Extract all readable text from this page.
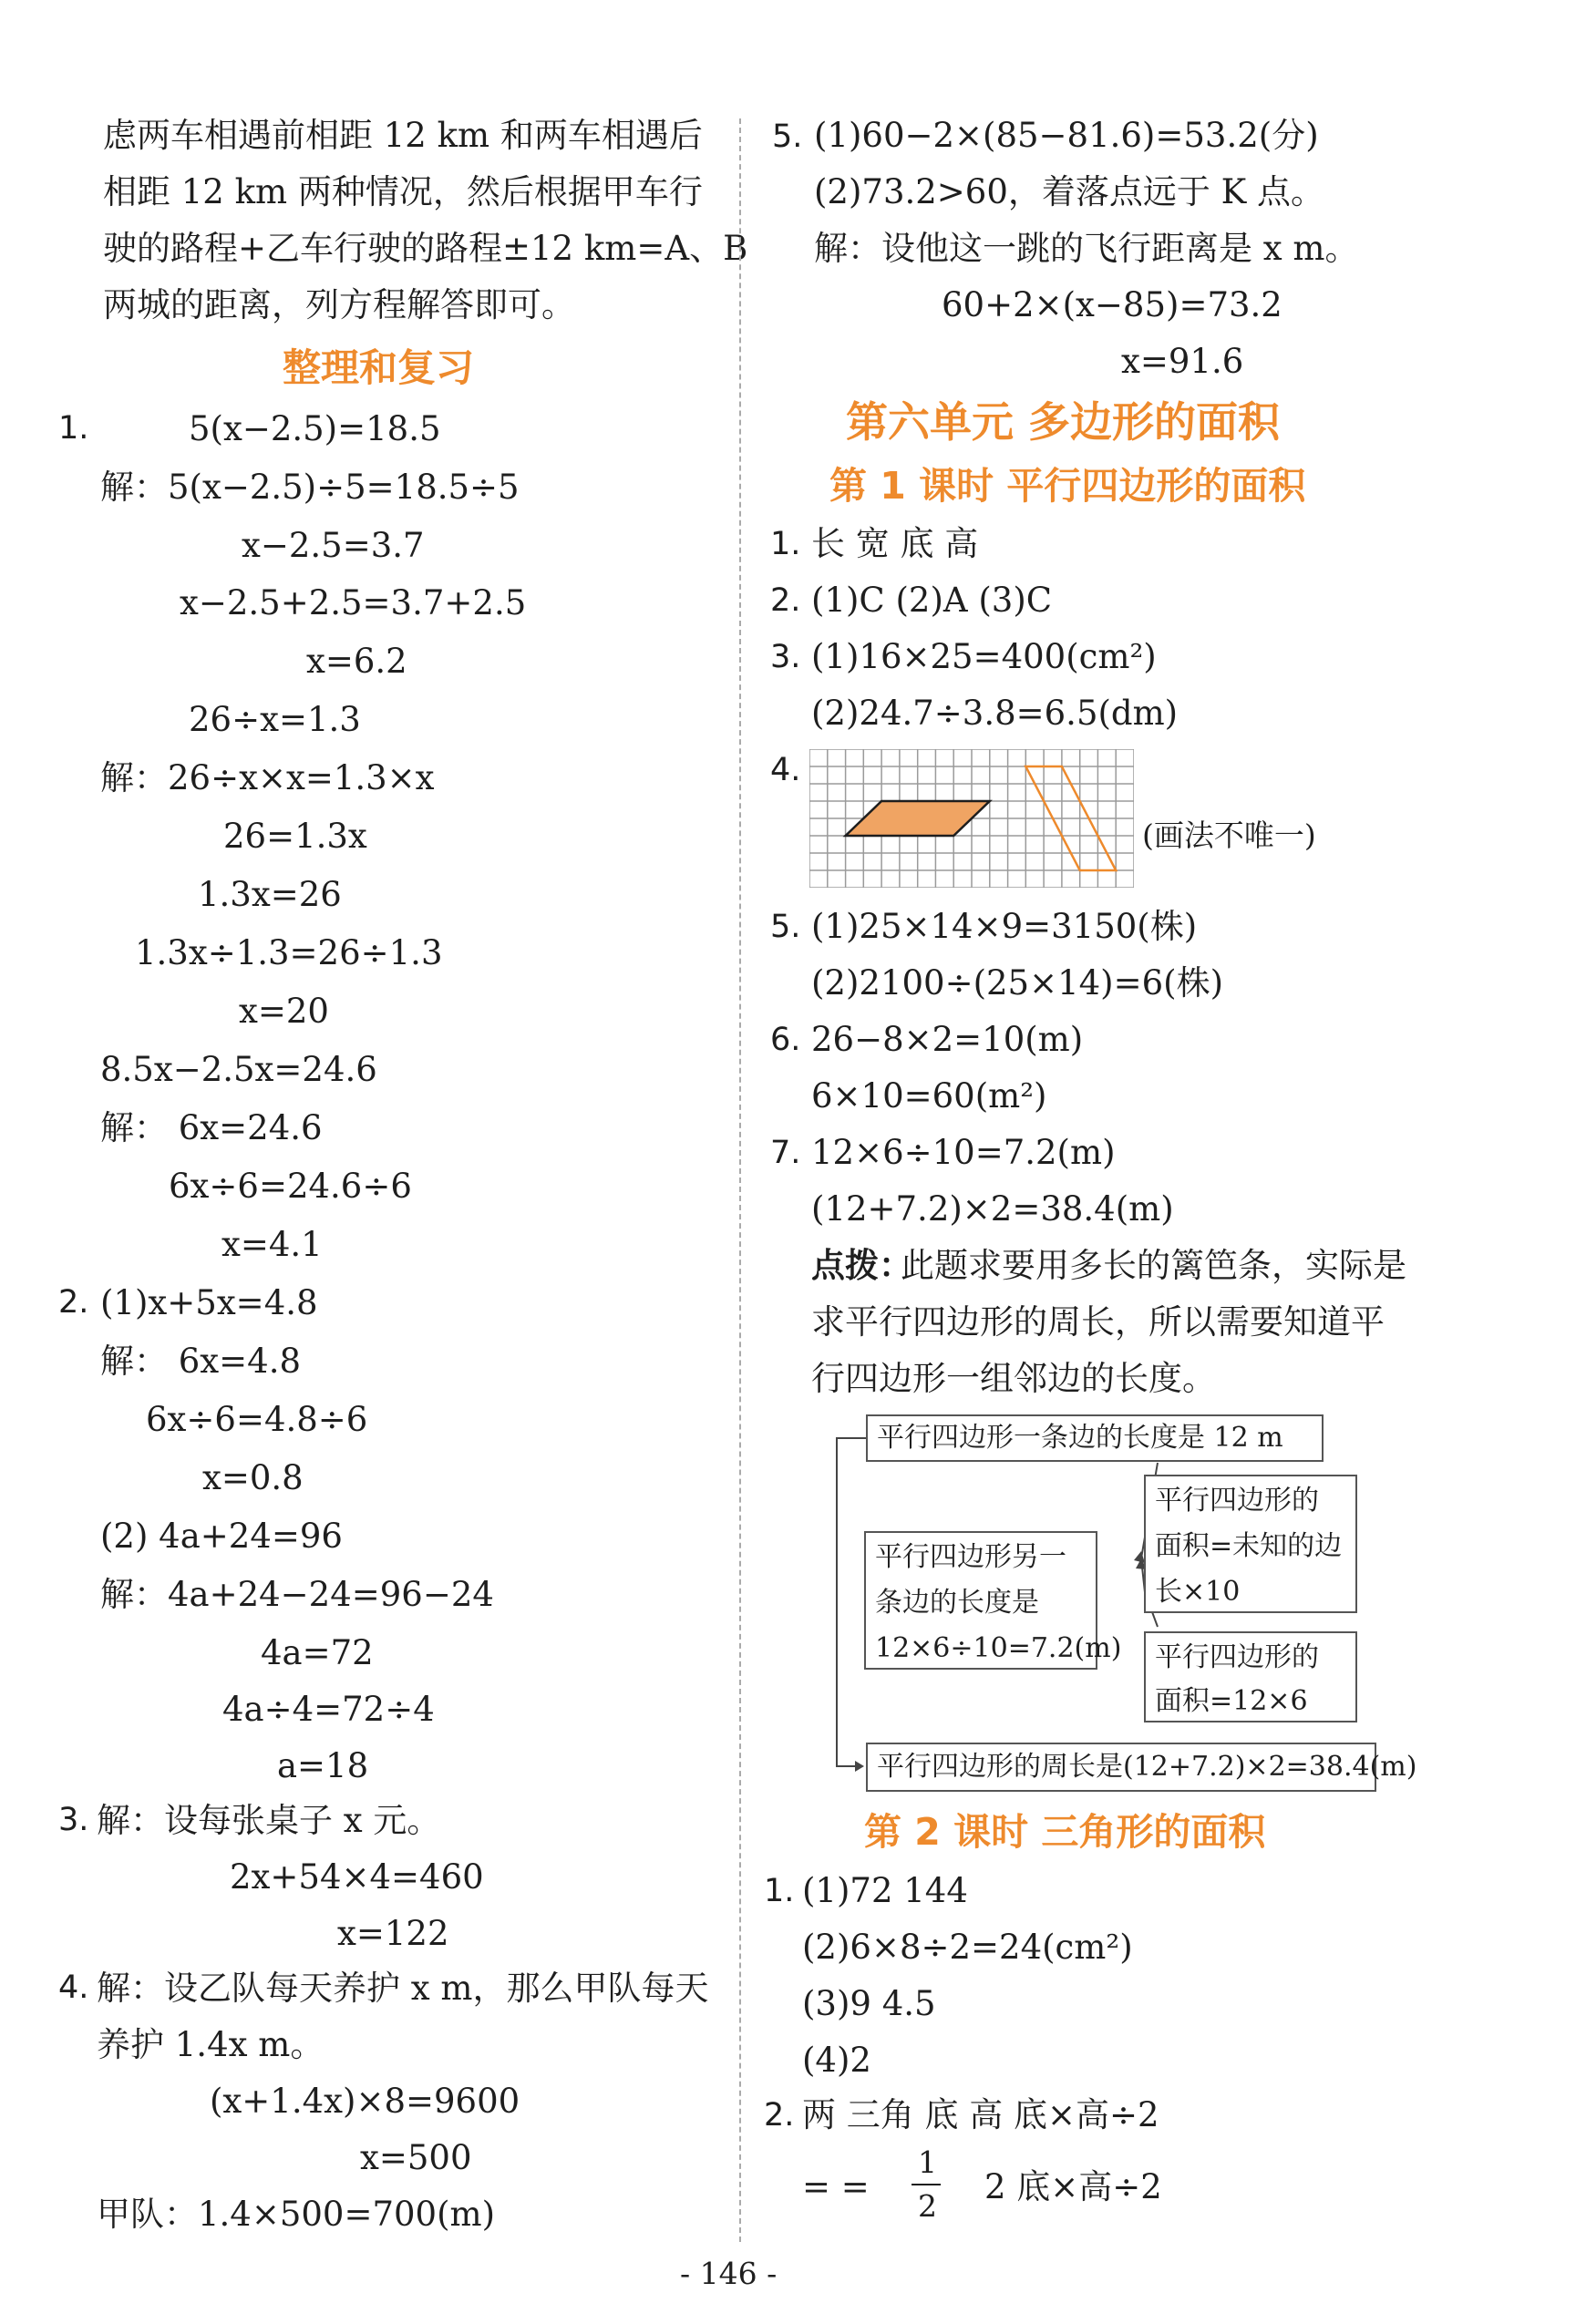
虑两车相遇前相距 12 km 和两车相遇后
相距 12 km 两种情况，然后根据甲车行
驶的路程+乙车行驶的路程±12 km=A、B
两城的距离，列方程解答即可。
整理和复习
1.	5(x−2.5)=18.5
解：5(x−2.5)÷5=18.5÷5
x−2.5=3.7
x−2.5+2.5=3.7+2.5
x=6.2
26÷x=1.3
解：26÷x×x=1.3×x
26=1.3x
1.3x=26
1.3x÷1.3=26÷1.3
x=20
8.5x−2.5x=24.6
解： 6x=24.6
6x÷6=24.6÷6
x=4.1
2. (1)x+5x=4.8
解： 6x=4.8
6x÷6=4.8÷6
x=0.8
(2) 4a+24=96
解：4a+24−24=96−24
4a=72
4a÷4=72÷4
a=18
3. 解：设每张桌子 x 元。
2x+54×4=460
x=122
4. 解：设乙队每天养护 x m，那么甲队每天
养护 1.4x m。
(x+1.4x)×8=9600
x=500
甲队：1.4×500=700(m)
5. (1)60−2×(85−81.6)=53.2(分)
(2)73.2>60，着落点远于 K 点。
解：设他这一跳的飞行距离是 x m。
60+2×(x−85)=73.2
x=91.6
第六单元 多边形的面积
第 1 课时 平行四边形的面积
1. 长 宽 底 高
2. (1)C (2)A (3)C
3. (1)16×25=400(cm²)
(2)24.7÷3.8=6.5(dm)
4.
(画法不唯一)
5. (1)25×14×9=3150(株)
(2)2100÷(25×14)=6(株)
6. 26−8×2=10(m)
6×10=60(m²)
7. 12×6÷10=7.2(m)
(12+7.2)×2=38.4(m)
点拨：
此题求要用多长的篱笆条，实际是
求平行四边形的周长，所以需要知道平
行四边形一组邻边的长度。
平行四边形一条边的长度是 12 m
平行四边形另一
条边的长度是
12×6÷10=7.2(m)
平行四边形的
面积=未知的边
长×10
平行四边形的
面积=12×6
平行四边形的周长是(12+7.2)×2=38.4(m)
第 2 课时 三角形的面积
1. (1)72 144
(2)6×8÷2=24(cm²)
(3)9 4.5
(4)2
2. 两 三角 底 高 底×高÷2
= =
1
2 2 底×高÷2
- 146 -
